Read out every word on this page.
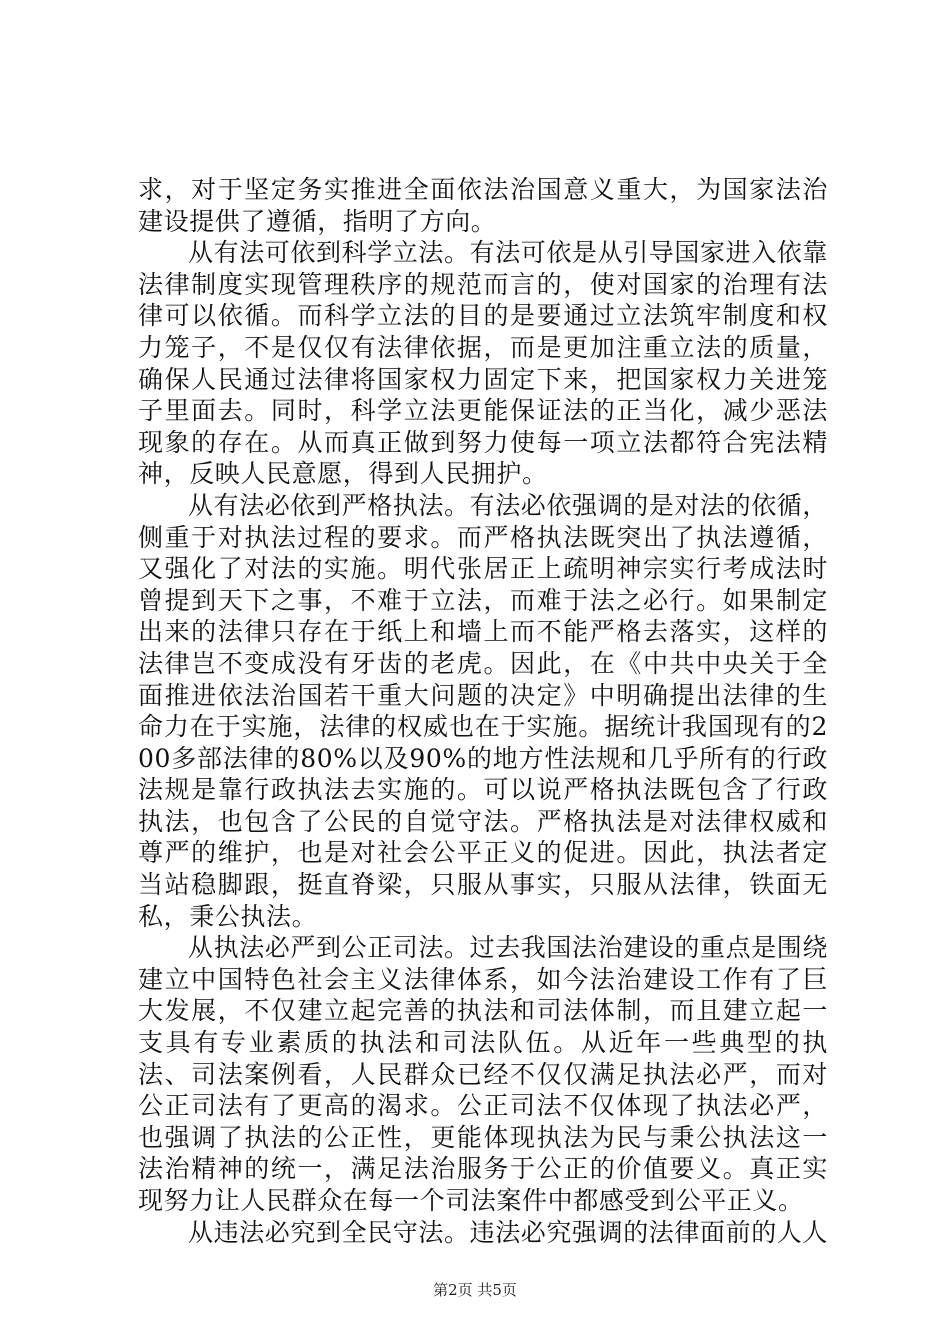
求，对于坚定务实推进全面依法治国意义重大，为国家法治建设提供了遵循，指明了方向。

从有法可依到科学立法。有法可依是从引导国家进入依靠法律制度实现管理秩序的规范而言的，使对国家的治理有法律可以依循。而科学立法的目的是要通过立法筑牢制度和权力笼子，不是仅仅有法律依据，而是更加注重立法的质量，确保人民通过法律将国家权力固定下来，把国家权力关进笼子里面去。同时，科学立法更能保证法的正当化，减少恶法现象的存在。从而真正做到努力使每一项立法都符合宪法精神，反映人民意愿，得到人民拥护。

从有法必依到严格执法。有法必依强调的是对法的依循，侧重于对执法过程的要求。而严格执法既突出了执法遵循，又强化了对法的实施。明代张居正上疏明神宗实行考成法时曾提到天下之事，不难于立法，而难于法之必行。如果制定出来的法律只存在于纸上和墙上而不能严格去落实，这样的法律岂不变成没有牙齿的老虎。因此，在《中共中央关于全面推进依法治国若干重大问题的决定》中明确提出法律的生命力在于实施，法律的权威也在于实施。据统计我国现有的200多部法律的80%以及90%的地方性法规和几乎所有的行政法规是靠行政执法去实施的。可以说严格执法既包含了行政执法，也包含了公民的自觉守法。严格执法是对法律权威和尊严的维护，也是对社会公平正义的促进。因此，执法者定当站稳脚跟，挺直脊梁，只服从事实，只服从法律，铁面无私，秉公执法。

从执法必严到公正司法。过去我国法治建设的重点是围绕建立中国特色社会主义法律体系，如今法治建设工作有了巨大发展，不仅建立起完善的执法和司法体制，而且建立起一支具有专业素质的执法和司法队伍。从近年一些典型的执法、司法案例看，人民群众已经不仅仅满足执法必严，而对公正司法有了更高的渴求。公正司法不仅体现了执法必严，也强调了执法的公正性，更能体现执法为民与秉公执法这一法治精神的统一，满足法治服务于公正的价值要义。真正实现努力让人民群众在每一个司法案件中都感受到公平正义。

从违法必究到全民守法。违法必究强调的法律面前的人人

第2页 共5页
